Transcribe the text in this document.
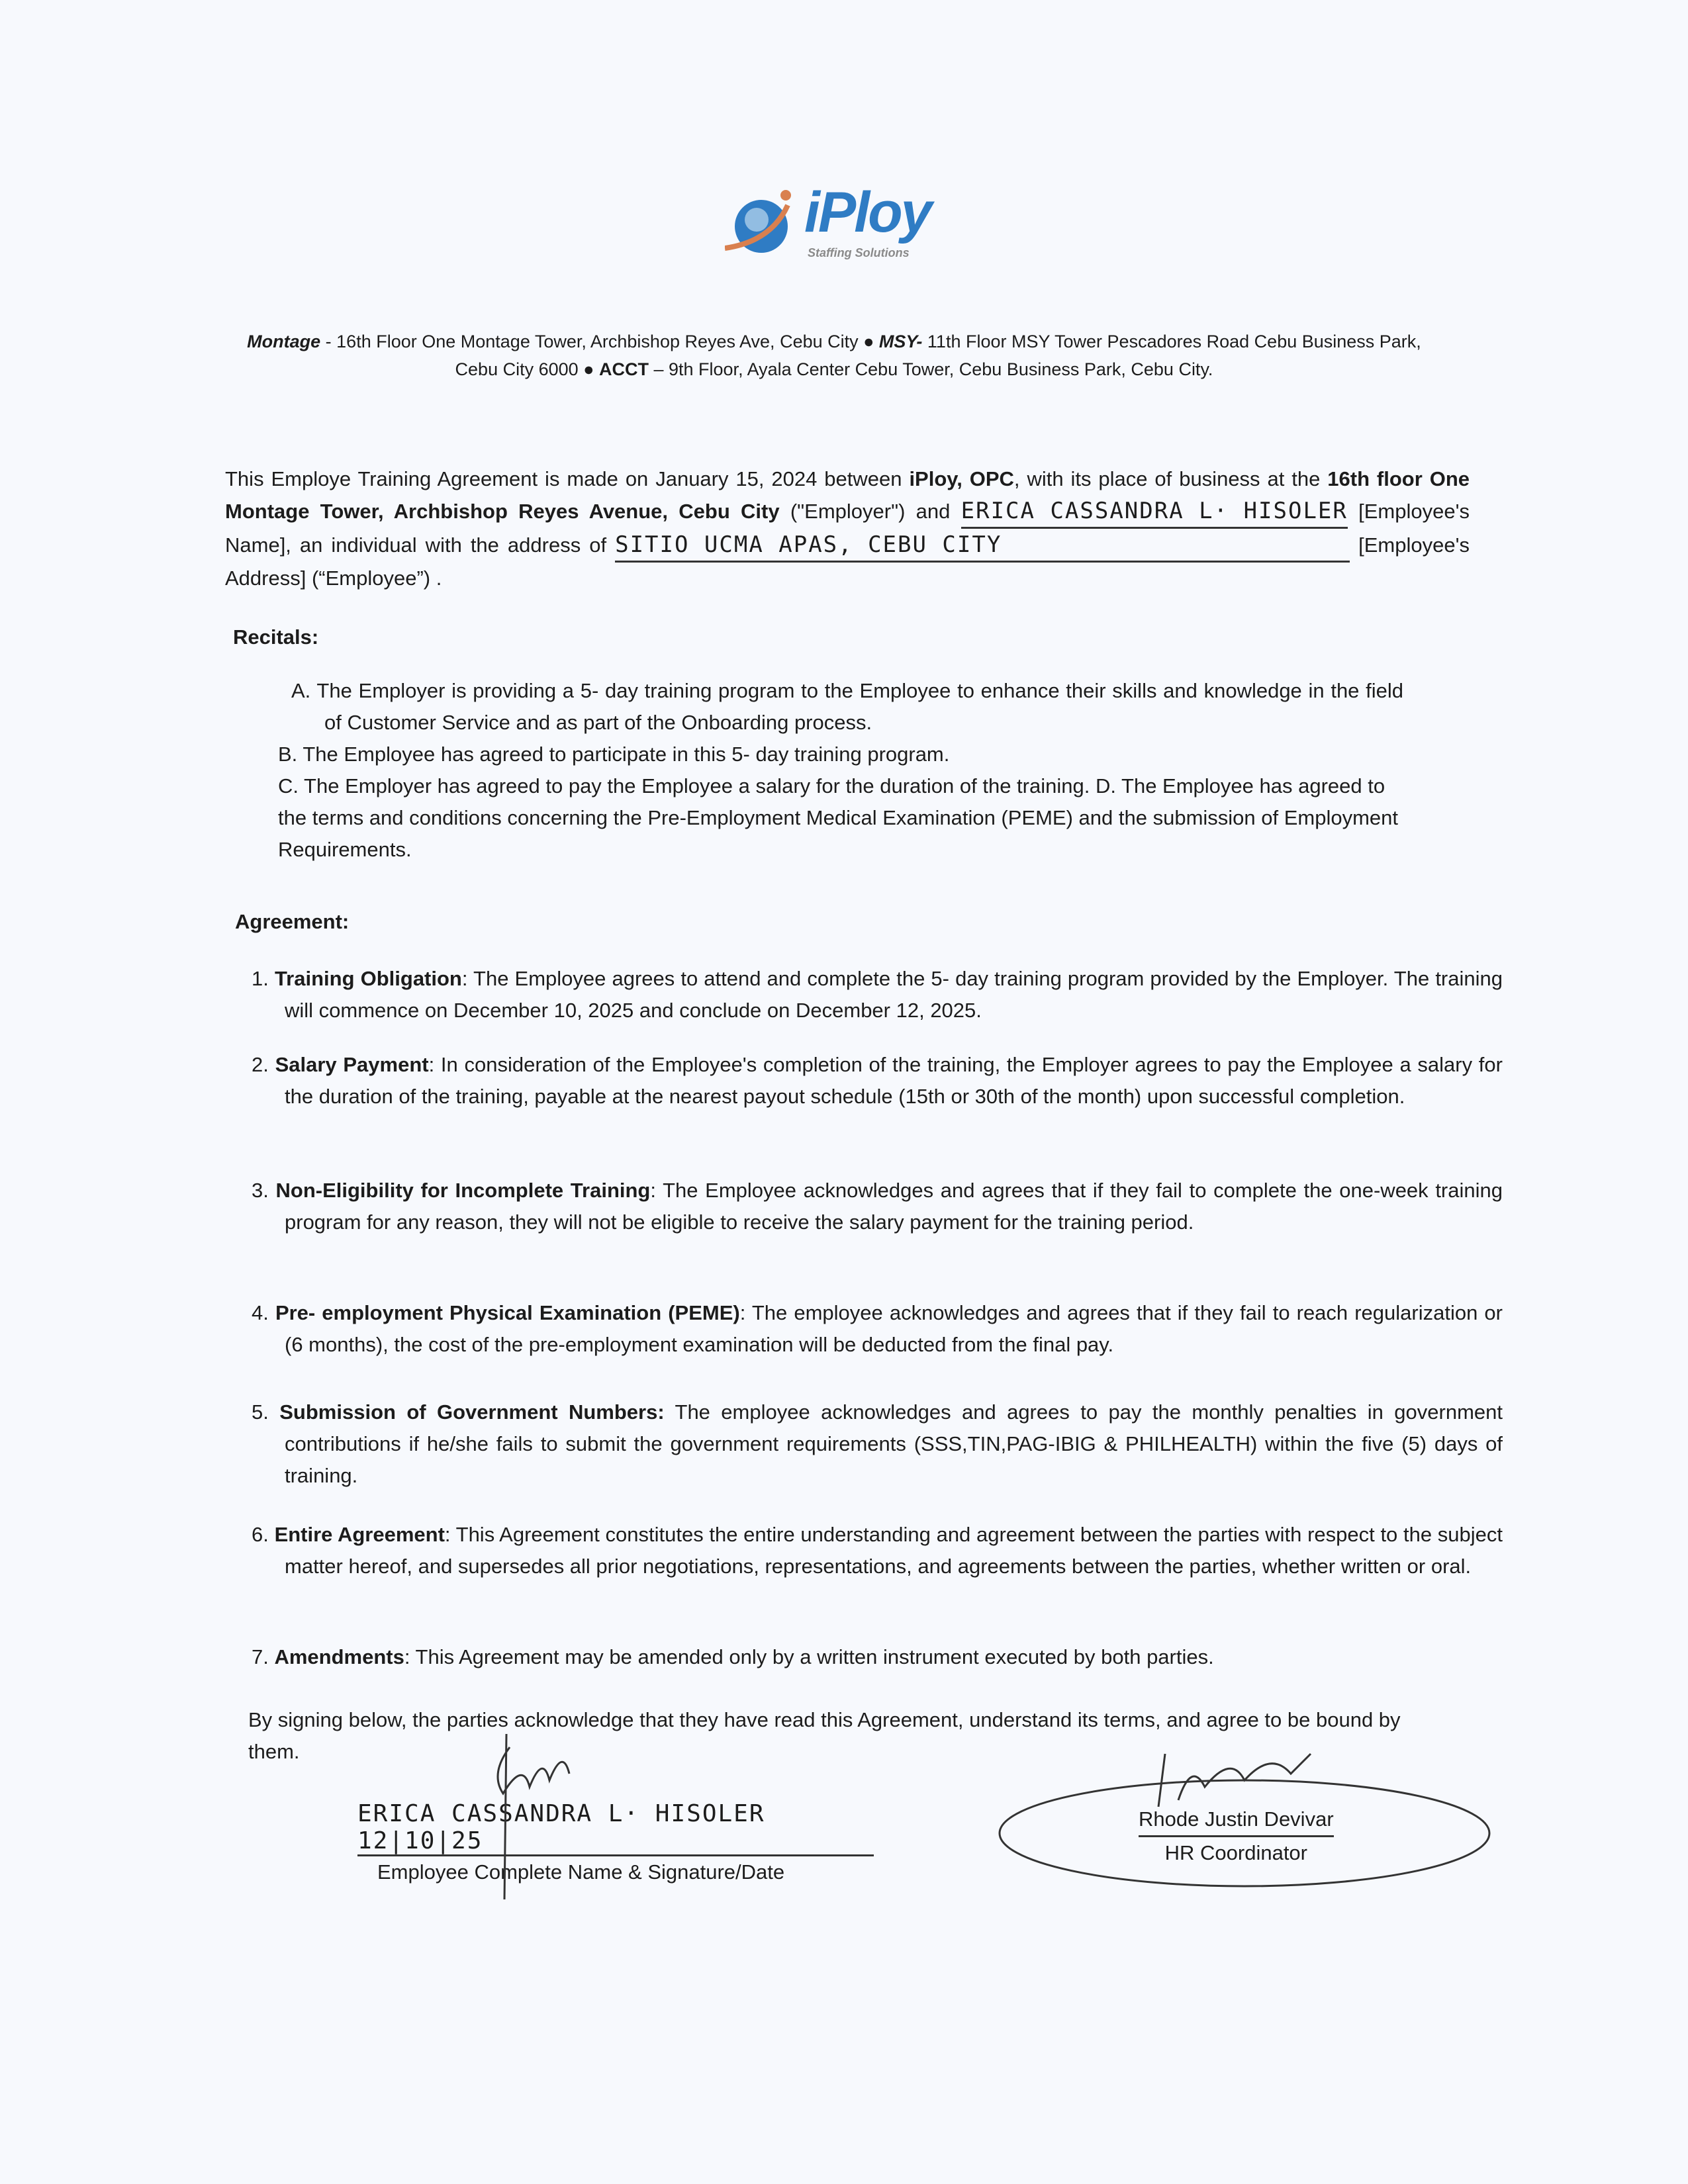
iPloy
Staffing Solutions
Montage - 16th Floor One Montage Tower, Archbishop Reyes Ave, Cebu City ● MSY- 11th Floor MSY Tower Pescadores Road Cebu Business Park, Cebu City 6000 ● ACCT – 9th Floor, Ayala Center Cebu Tower, Cebu Business Park, Cebu City.
This Employe Training Agreement is made on January 15, 2024 between iPloy, OPC, with its place of business at the 16th floor One Montage Tower, Archbishop Reyes Avenue, Cebu City ("Employer") and ERICA CASSANDRA L· HISOLER [Employee's Name], an individual with the address of SITIO UCMA APAS, CEBU CITY	[Employee's Address] (“Employee”) .
Recitals:
A. The Employer is providing a 5- day training program to the Employee to enhance their skills and knowledge in the field of Customer Service and as part of the Onboarding process.
B. The Employee has agreed to participate in this 5- day training program.
C. The Employer has agreed to pay the Employee a salary for the duration of the training. D. The Employee has agreed to the terms and conditions concerning the Pre-Employment Medical Examination (PEME) and the submission of Employment Requirements.
Agreement:
1. Training Obligation: The Employee agrees to attend and complete the 5- day training program provided by the Employer. The training will commence on December 10, 2025 and conclude on December 12, 2025.
2. Salary Payment: In consideration of the Employee's completion of the training, the Employer agrees to pay the Employee a salary for the duration of the training, payable at the nearest payout schedule (15th or 30th of the month) upon successful completion.
3. Non-Eligibility for Incomplete Training: The Employee acknowledges and agrees that if they fail to complete the one-week training program for any reason, they will not be eligible to receive the salary payment for the training period.
4. Pre- employment Physical Examination (PEME): The employee acknowledges and agrees that if they fail to reach regularization or (6 months), the cost of the pre-employment examination will be deducted from the final pay.
5. Submission of Government Numbers: The employee acknowledges and agrees to pay the monthly penalties in government contributions if he/she fails to submit the government requirements (SSS,TIN,PAG-IBIG & PHILHEALTH) within the five (5) days of training.
6. Entire Agreement: This Agreement constitutes the entire understanding and agreement between the parties with respect to the subject matter hereof, and supersedes all prior negotiations, representations, and agreements between the parties, whether written or oral.
7. Amendments: This Agreement may be amended only by a written instrument executed by both parties.
By signing below, the parties acknowledge that they have read this Agreement, understand its terms, and agree to be bound by them.
ERICA CASSANDRA L· HISOLER 12|10|25
Employee Complete Name & Signature/Date
Rhode Justin Devivar
HR Coordinator
